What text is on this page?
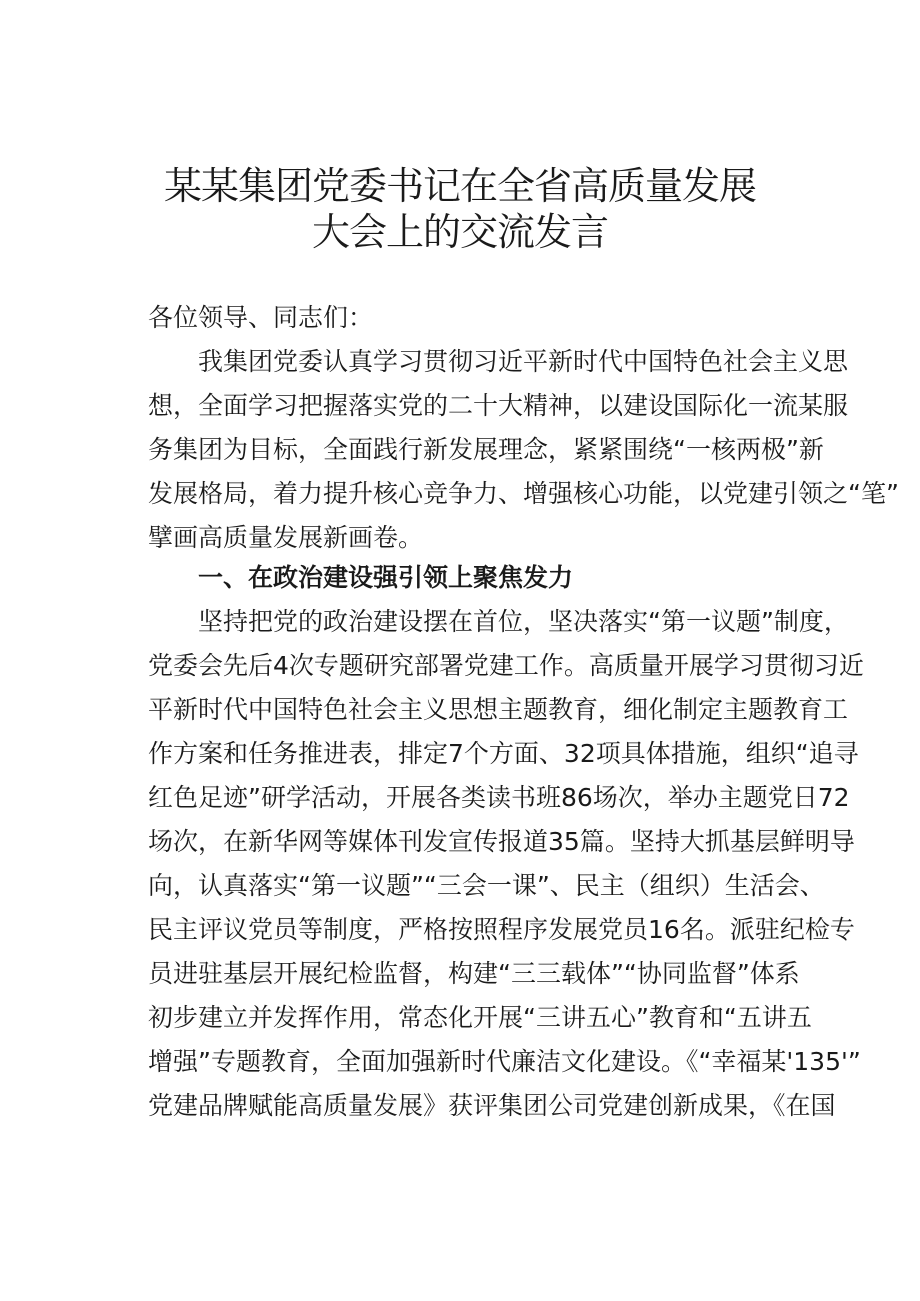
某某集团党委书记在全省高质量发展
大会上的交流发言
各位领导、同志们：
我集团党委认真学习贯彻习近平新时代中国特色社会主义思
想，全面学习把握落实党的二十大精神，以建设国际化一流某服
务集团为目标，全面践行新发展理念，紧紧围绕“一核两极”新
发展格局，着力提升核心竞争力、增强核心功能，以党建引领之“笔”
擘画高质量发展新画卷。
一、在政治建设强引领上聚焦发力
坚持把党的政治建设摆在首位，坚决落实“第一议题”制度，
党委会先后4次专题研究部署党建工作。高质量开展学习贯彻习近
平新时代中国特色社会主义思想主题教育，细化制定主题教育工
作方案和任务推进表，排定7个方面、32项具体措施，组织“追寻
红色足迹”研学活动，开展各类读书班86场次，举办主题党日72
场次，在新华网等媒体刊发宣传报道35篇。坚持大抓基层鲜明导
向，认真落实“第一议题”“三会一课”、民主（组织）生活会、
民主评议党员等制度，严格按照程序发展党员16名。派驻纪检专
员进驻基层开展纪检监督，构建“三三载体”“协同监督”体系
初步建立并发挥作用，常态化开展“三讲五心”教育和“五讲五
增强”专题教育，全面加强新时代廉洁文化建设。《“幸福某'135'”
党建品牌赋能高质量发展》获评集团公司党建创新成果，《在国
